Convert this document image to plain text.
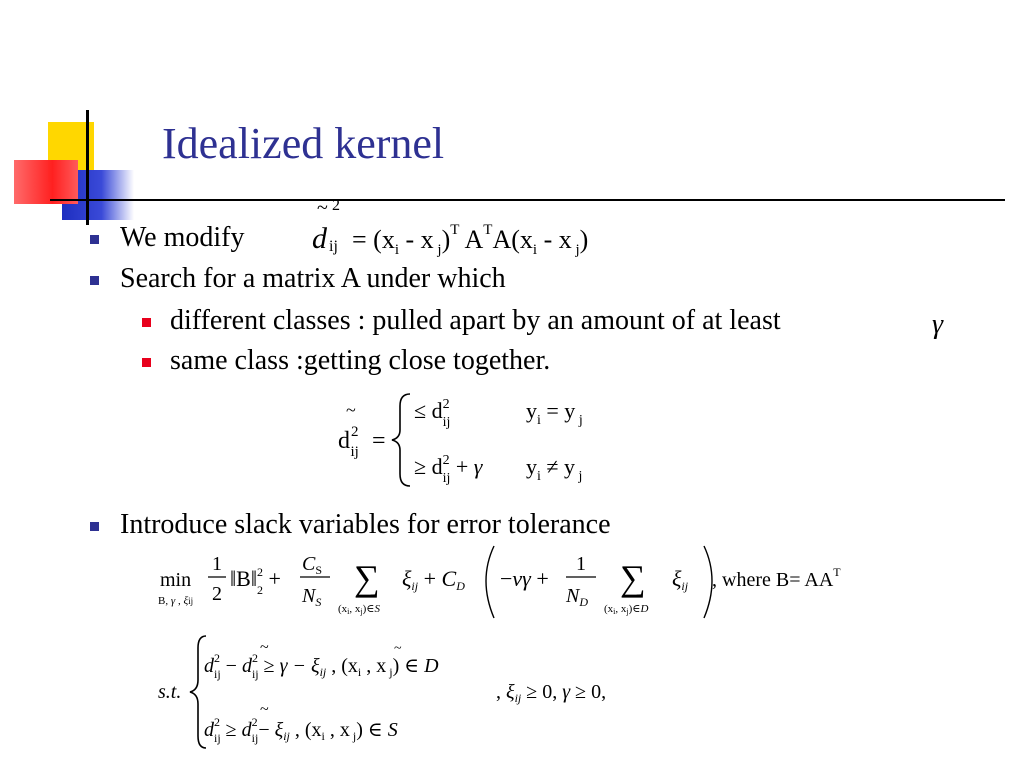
Idealized kernel
We modify
~ 2
d ij = ($x_i$ - x $_j$)$^T$ $A^TA(x_i$ - x $_j$)
Search for a matrix A under which
different classes : pulled apart by an amount of at least	γ
same class :getting close together.
~
$d^2$ ij =
≤ $d^2$ ij	$y_i = y$ $_j$
≥ $d^2$ ij + γ $y_i \ne y$ $_j$
Introduce slack variables for error tolerance
min
B, γ , ξij
1
2
‖B‖$^2$ 2 +
$C_S$
$N_S$
∑
(xi, xj)∈S
ξij + CD −νγ +
1
$N_D$
∑
(xi, xj)∈D
ξij , where $B= AA^T$
s.t.
~
$d^2$ ij − $d^2$ ij ≥ $\gamma - \xi_{ij}$ , ($x_i$ , x $_j$) ∈ D
~
~
$d^2$ ij ≥ $d^2$ $ij- \xi_{ij}$ , ($x_i$ , x $_j$) ∈ S
, $\xi_{ij} \ge 0$, γ ≥ 0,
